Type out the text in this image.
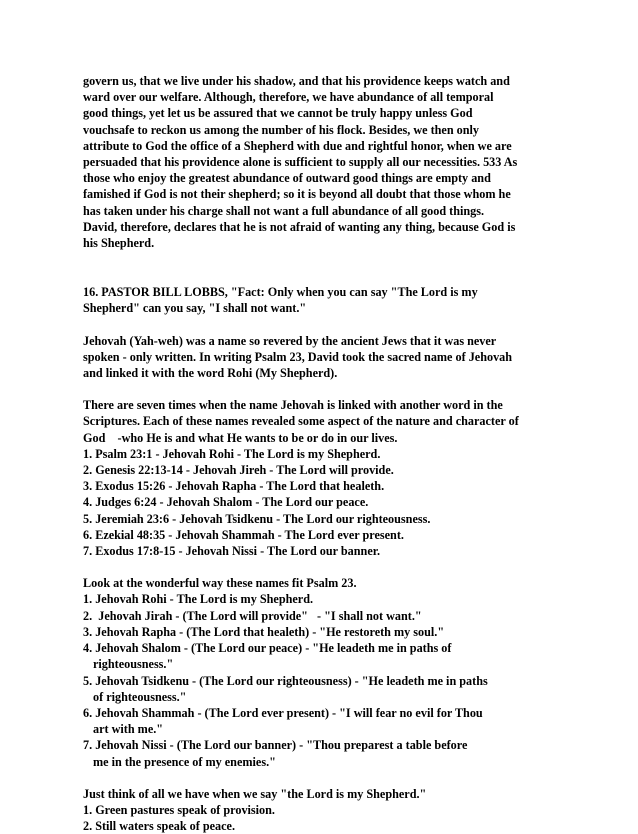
govern us, that we live under his shadow, and that his providence keeps watch and
ward over our welfare. Although, therefore, we have abundance of all temporal
good things, yet let us be assured that we cannot be truly happy unless God
vouchsafe to reckon us among the number of his flock. Besides, we then only
attribute to God the office of a Shepherd with due and rightful honor, when we are
persuaded that his providence alone is sufficient to supply all our necessities. 533 As
those who enjoy the greatest abundance of outward good things are empty and
famished if God is not their shepherd; so it is beyond all doubt that those whom he
has taken under his charge shall not want a full abundance of all good things.
David, therefore, declares that he is not afraid of wanting any thing, because God is
his Shepherd.
16. PASTOR BILL LOBBS, "Fact: Only when you can say "The Lord is my
Shepherd" can you say, "I shall not want."
Jehovah (Yah-weh) was a name so revered by the ancient Jews that it was never
spoken - only written. In writing Psalm 23, David took the sacred name of Jehovah
and linked it with the word Rohi (My Shepherd).
There are seven times when the name Jehovah is linked with another word in the
Scriptures. Each of these names revealed some aspect of the nature and character of
God    -who He is and what He wants to be or do in our lives.
1. Psalm 23:1 - Jehovah Rohi - The Lord is my Shepherd.
2. Genesis 22:13-14 - Jehovah Jireh - The Lord will provide.
3. Exodus 15:26 - Jehovah Rapha - The Lord that healeth.
4. Judges 6:24 - Jehovah Shalom - The Lord our peace.
5. Jeremiah 23:6 - Jehovah Tsidkenu - The Lord our righteousness.
6. Ezekial 48:35 - Jehovah Shammah - The Lord ever present.
7. Exodus 17:8-15 - Jehovah Nissi - The Lord our banner.
Look at the wonderful way these names fit Psalm 23.
1. Jehovah Rohi - The Lord is my Shepherd.
2.  Jehovah Jirah - (The Lord will provide"   - "I shall not want."
3. Jehovah Rapha - (The Lord that healeth) - "He restoreth my soul."
4. Jehovah Shalom - (The Lord our peace) - "He leadeth me in paths of
righteousness."
5. Jehovah Tsidkenu - (The Lord our righteousness) - "He leadeth me in paths
of righteousness."
6. Jehovah Shammah - (The Lord ever present) - "I will fear no evil for Thou
art with me."
7. Jehovah Nissi - (The Lord our banner) - "Thou preparest a table before
me in the presence of my enemies."
Just think of all we have when we say "the Lord is my Shepherd."
1. Green pastures speak of provision.
2. Still waters speak of peace.
